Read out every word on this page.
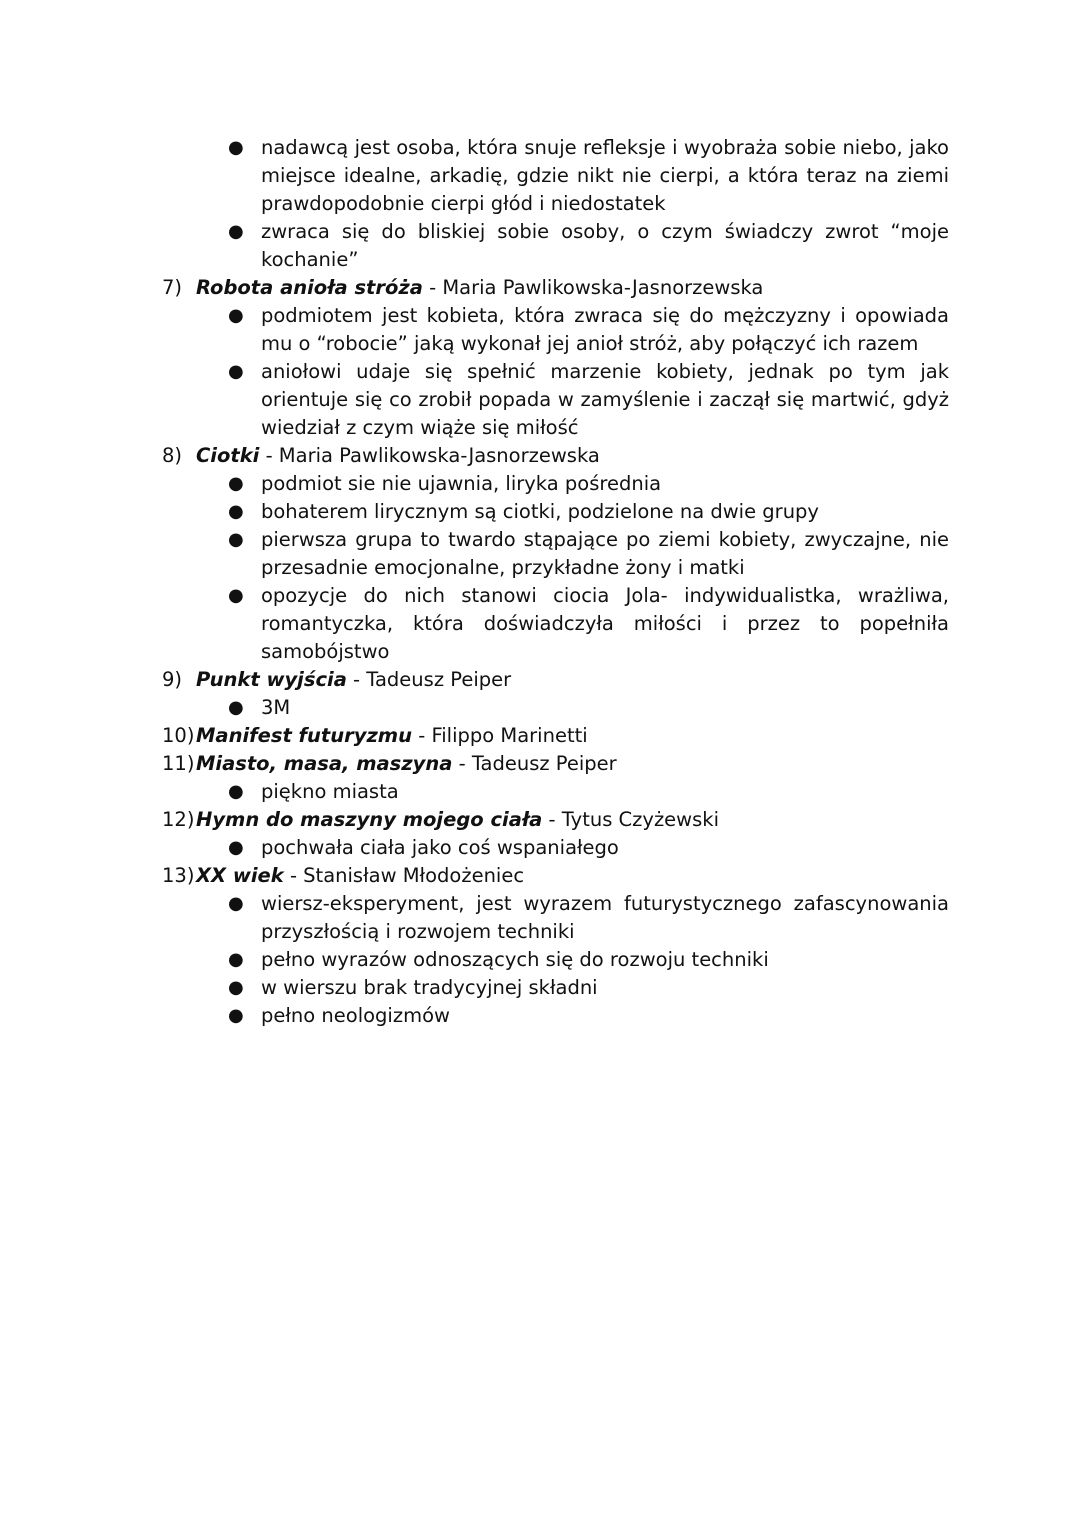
● nadawcą jest osoba, która snuje refleksje i wyobraża sobie niebo, jako miejsce idealne, arkadię, gdzie nikt nie cierpi, a która teraz na ziemi prawdopodobnie cierpi głód i niedostatek
● zwraca się do bliskiej sobie osoby, o czym świadczy zwrot “moje kochanie”
7) Robota anioła stróża - Maria Pawlikowska-Jasnorzewska
● podmiotem jest kobieta, która zwraca się do mężczyzny i opowiada mu o “robocie” jaką wykonał jej anioł stróż, aby połączyć ich razem
● aniołowi udaje się spełnić marzenie kobiety, jednak po tym jak orientuje się co zrobił popada w zamyślenie i zaczął się martwić, gdyż wiedział z czym wiąże się miłość
8) Ciotki - Maria Pawlikowska-Jasnorzewska
● podmiot sie nie ujawnia, liryka pośrednia
● bohaterem lirycznym są ciotki, podzielone na dwie grupy
● pierwsza grupa to twardo stąpające po ziemi kobiety, zwyczajne, nie przesadnie emocjonalne, przykładne żony i matki
● opozycje do nich stanowi ciocia Jola- indywidualistka, wrażliwa, romantyczka, która doświadczyła miłości i przez to popełniła samobójstwo
9) Punkt wyjścia - Tadeusz Peiper
● 3M
10) Manifest futuryzmu - Filippo Marinetti
11) Miasto, masa, maszyna - Tadeusz Peiper
● piękno miasta
12) Hymn do maszyny mojego ciała - Tytus Czyżewski
● pochwała ciała jako coś wspaniałego
13) XX wiek - Stanisław Młodożeniec
● wiersz-eksperyment, jest wyrazem futurystycznego zafascynowania przyszłością i rozwojem techniki
● pełno wyrazów odnoszących się do rozwoju techniki
● w wierszu brak tradycyjnej składni
● pełno neologizmów
